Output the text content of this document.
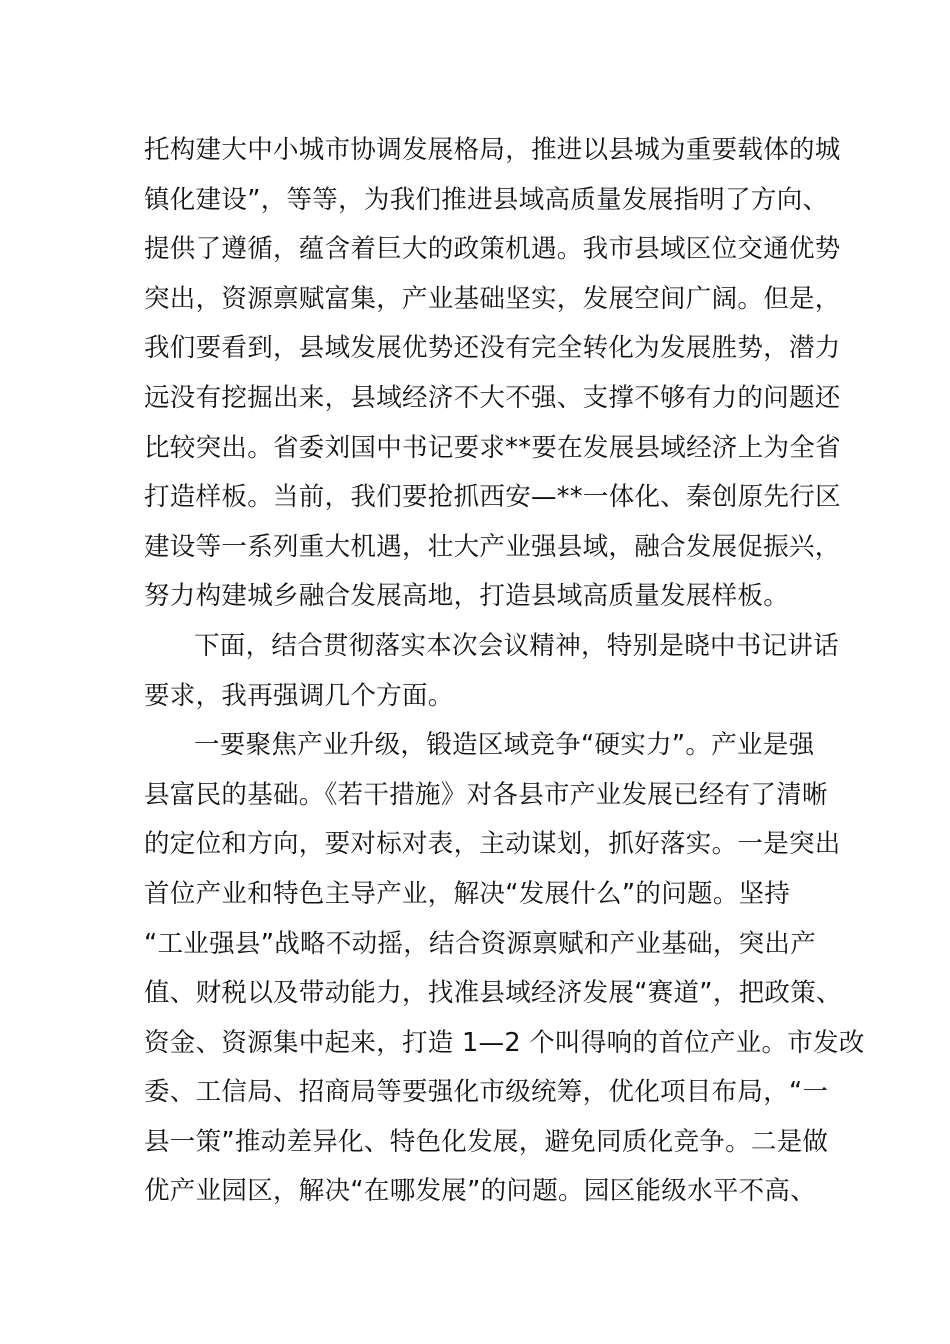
托构建大中小城市协调发展格局，推进以县城为重要载体的城
镇化建设”，等等，为我们推进县域高质量发展指明了方向、
提供了遵循，蕴含着巨大的政策机遇。我市县域区位交通优势
突出，资源禀赋富集，产业基础坚实，发展空间广阔。但是，
我们要看到，县域发展优势还没有完全转化为发展胜势，潜力
远没有挖掘出来，县域经济不大不强、支撑不够有力的问题还
比较突出。省委刘国中书记要求**要在发展县域经济上为全省
打造样板。当前，我们要抢抓西安—**一体化、秦创原先行区
建设等一系列重大机遇，壮大产业强县域，融合发展促振兴，
努力构建城乡融合发展高地，打造县域高质量发展样板。
下面，结合贯彻落实本次会议精神，特别是晓中书记讲话
要求，我再强调几个方面。
一要聚焦产业升级，锻造区域竞争“硬实力”。产业是强
县富民的基础。《若干措施》对各县市产业发展已经有了清晰
的定位和方向，要对标对表，主动谋划，抓好落实。一是突出
首位产业和特色主导产业，解决“发展什么”的问题。坚持
“工业强县”战略不动摇，结合资源禀赋和产业基础，突出产
值、财税以及带动能力，找准县域经济发展“赛道”，把政策、
资金、资源集中起来，打造 1—2 个叫得响的首位产业。市发改
委、工信局、招商局等要强化市级统筹，优化项目布局，“一
县一策”推动差异化、特色化发展，避免同质化竞争。二是做
优产业园区，解决“在哪发展”的问题。园区能级水平不高、
